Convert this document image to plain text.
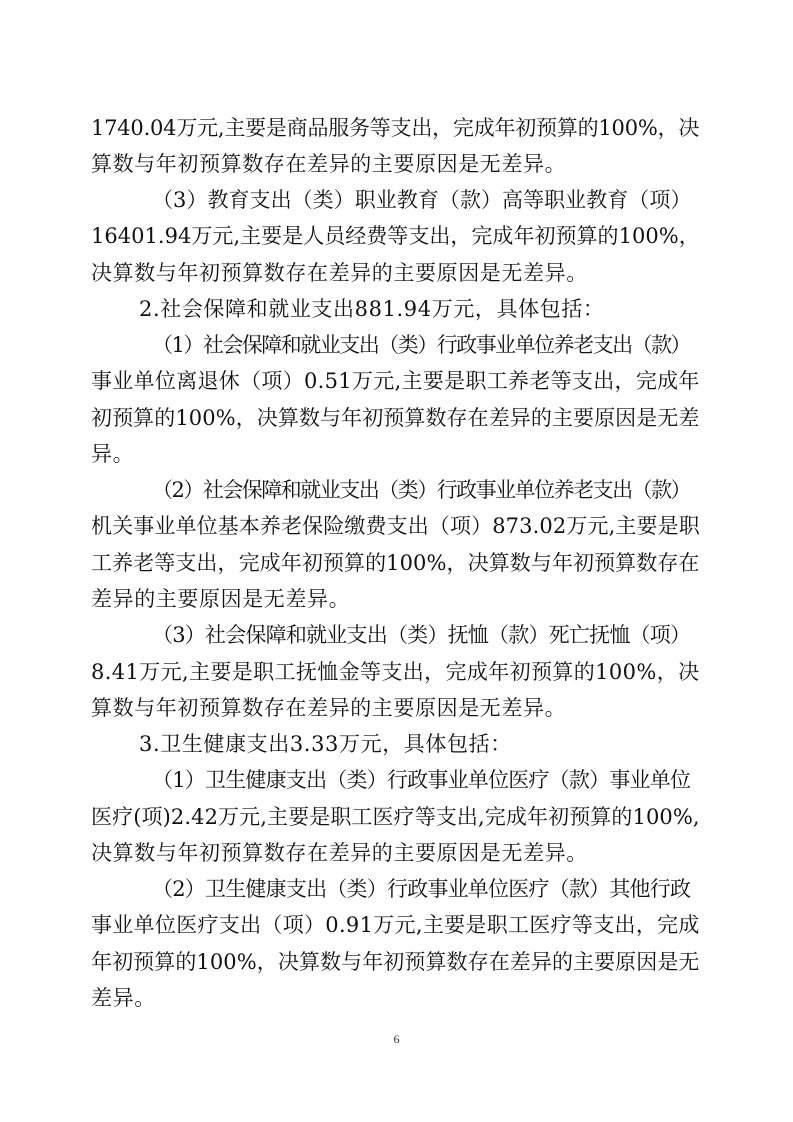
1740.04万元,主要是商品服务等支出，完成年初预算的100%，决
算数与年初预算数存在差异的主要原因是无差异。
（3）教育支出（类）职业教育（款）高等职业教育（项）
16401.94万元,主要是人员经费等支出，完成年初预算的100%，
决算数与年初预算数存在差异的主要原因是无差异。
2.社会保障和就业支出881.94万元，具体包括：
（1）社会保障和就业支出（类）行政事业单位养老支出（款）
事业单位离退休（项）0.51万元,主要是职工养老等支出，完成年
初预算的100%，决算数与年初预算数存在差异的主要原因是无差
异。
（2）社会保障和就业支出（类）行政事业单位养老支出（款）
机关事业单位基本养老保险缴费支出（项）873.02万元,主要是职
工养老等支出，完成年初预算的100%，决算数与年初预算数存在
差异的主要原因是无差异。
（3）社会保障和就业支出（类）抚恤（款）死亡抚恤（项）
8.41万元,主要是职工抚恤金等支出，完成年初预算的100%，决
算数与年初预算数存在差异的主要原因是无差异。
3.卫生健康支出3.33万元，具体包括：
（1）卫生健康支出（类）行政事业单位医疗（款）事业单位
医疗(项)2.42万元,主要是职工医疗等支出,完成年初预算的100%,
决算数与年初预算数存在差异的主要原因是无差异。
（2）卫生健康支出（类）行政事业单位医疗（款）其他行政
事业单位医疗支出（项）0.91万元,主要是职工医疗等支出，完成
年初预算的100%，决算数与年初预算数存在差异的主要原因是无
差异。
6
